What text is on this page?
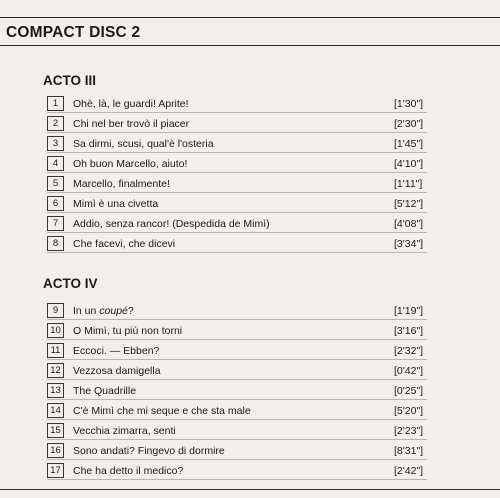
COMPACT DISC 2
ACTO III
1	Ohè, là, le guardi! Aprite!	[1'30"]
2	Chi nel ber trovò il piacer	[2'30"]
3	Sa dirmi, scusi, qual'è l'osteria	[1'45"]
4	Oh buon Marcello, aiuto!	[4'10"]
5	Marcello, finalmente!	[1'11"]
6	Mimì è una civetta	[5'12"]
7	Addio, senza rancor! (Despedida de Mimì)	[4'08"]
8	Che facevi, che dicevi	[3'34"]
ACTO IV
9	In un coupé?	[1'19"]
10	O Mimì, tu più non torni	[3'16"]
11	Eccoci. — Ebben?	[2'32"]
12	Vezzosa damigella	[0'42"]
13	The Quadrille	[0'25"]
14	C'è Mimì che mi seque e che sta male	[5'20"]
15	Vecchia zimarra, senti	[2'23"]
16	Sono andati? Fingevo di dormire	[8'31"]
17	Che ha detto il medico?	[2'42"]
